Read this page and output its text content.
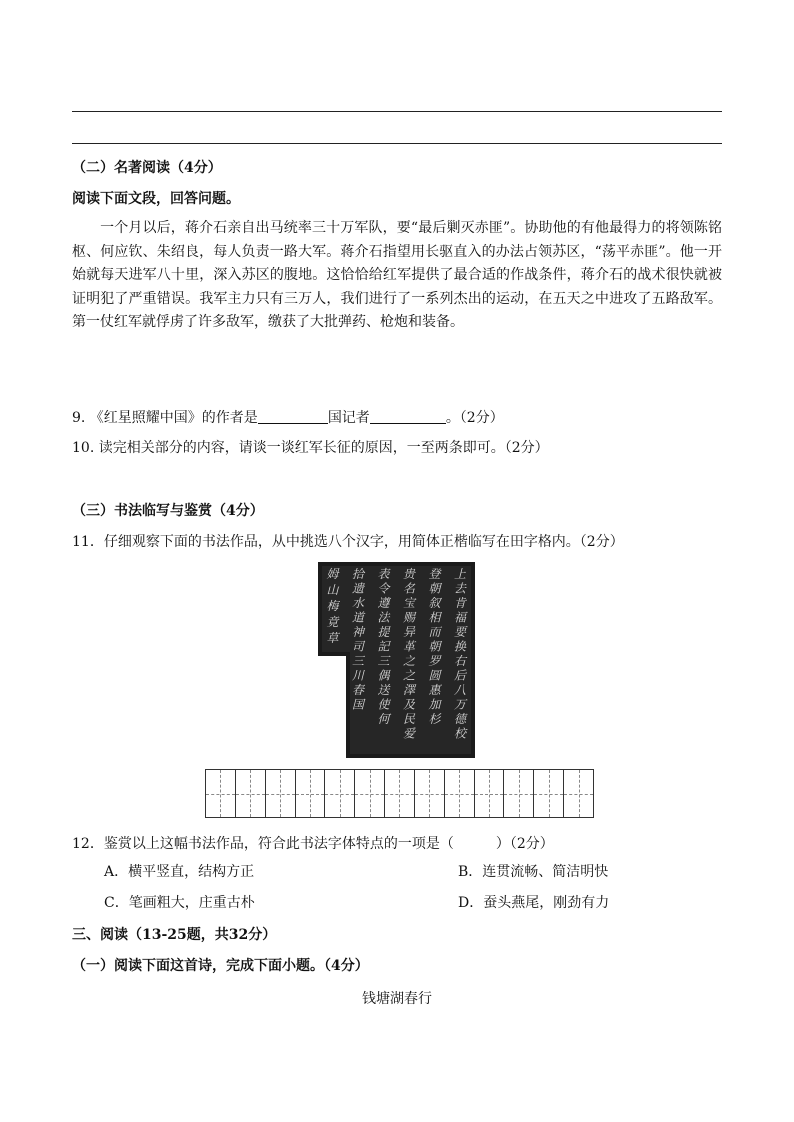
（二）名著阅读（4分）
阅读下面文段，回答问题。
一个月以后，蒋介石亲自出马统率三十万军队，要“最后剿灭赤匪”。协助他的有他最得力的将领陈铭枢、何应钦、朱绍良，每人负责一路大军。蒋介石指望用长驱直入的办法占领苏区，“荡平赤匪”。他一开始就每天进军八十里，深入苏区的腹地。这恰恰给红军提供了最合适的作战条件，蒋介石的战术很快就被证明犯了严重错误。我军主力只有三万人，我们进行了一系列杰出的运动，在五天之中进攻了五路敌军。第一仗红军就俘虏了许多敌军，缴获了大批弹药、枪炮和装备。
9. 《红星照耀中国》的作者是	国记者	。（2分）
10. 读完相关部分的内容，请谈一谈红军长征的原因，一至两条即可。（2分）
（三）书法临写与鉴赏（4分）
11．仔细观察下面的书法作品，从中挑选八个汉字，用简体正楷临写在田字格内。（2分）
上
去
肯
福
要
换
右
后
八
万
德
校
登
朝
叙
相
而
朝
罗
圆
惠
加
杉
贵
名
宝
赐
异
革
之
之
澤
及
民
爱
表
令
遵
法
提
記
三
偶
送
使
何
拾
遗
水
道
神
司
三
川
春
国
姆
山
梅
竟
草
12．鉴赏以上这幅书法作品，符合此书法字体特点的一项是（　　　）（2分）
A．横平竖直，结构方正	B．连贯流畅、简洁明快
C．笔画粗大，庄重古朴	D．蚕头燕尾，刚劲有力
三、阅读（13-25题，共32分）
（一）阅读下面这首诗，完成下面小题。（4分）
钱塘湖春行
